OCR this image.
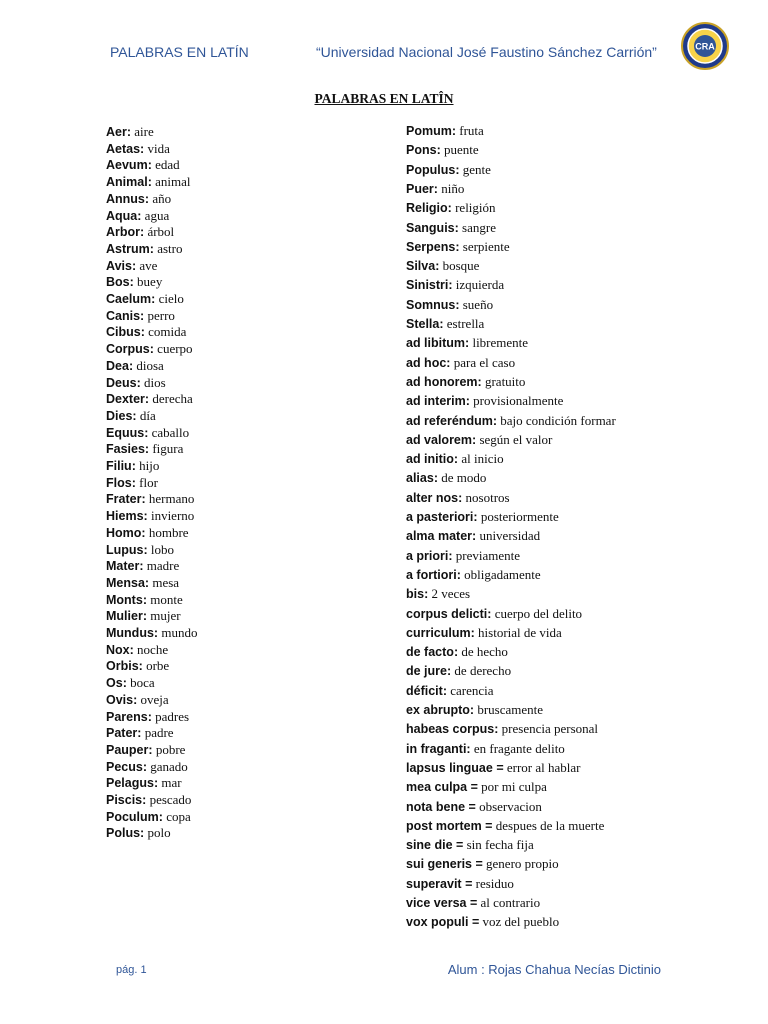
PALABRAS EN LATÍN	“Universidad Nacional José Faustino Sánchez Carrión”	CRA
PALABRAS EN LATÎN
Aer: aire
Aetas: vida
Aevum: edad
Animal: animal
Annus: año
Aqua: agua
Arbor: árbol
Astrum: astro
Avis: ave
Bos: buey
Caelum: cielo
Canis: perro
Cibus: comida
Corpus: cuerpo
Dea: diosa
Deus: dios
Dexter: derecha
Dies: día
Equus: caballo
Fasies: figura
Filiu: hijo
Flos: flor
Frater: hermano
Hiems: invierno
Homo: hombre
Lupus: lobo
Mater: madre
Mensa: mesa
Monts: monte
Mulier: mujer
Mundus: mundo
Nox: noche
Orbis: orbe
Os: boca
Ovis: oveja
Parens: padres
Pater: padre
Pauper: pobre
Pecus: ganado
Pelagus: mar
Piscis: pescado
Poculum: copa
Polus: polo
Pomum: fruta
Pons: puente
Populus: gente
Puer: niño
Religio: religión
Sanguis: sangre
Serpens: serpiente
Silva: bosque
Sinistri: izquierda
Somnus: sueño
Stella: estrella
ad libitum: libremente
ad hoc: para el caso
ad honorem: gratuito
ad interim: provisionalmente
ad referéndum: bajo condición formar
ad valorem: según el valor
ad initio: al inicio
alias: de modo
alter nos: nosotros
a pasteriori: posteriormente
alma mater: universidad
a priori: previamente
a fortiori: obligadamente
bis: 2 veces
corpus delicti: cuerpo del delito
curriculum: historial de vida
de facto: de hecho
de jure: de derecho
déficit: carencia
ex abrupto: bruscamente
habeas corpus: presencia personal
in fraganti: en fragante delito
lapsus linguae = error al hablar
mea culpa = por mi culpa
nota bene = observacion
post mortem = despues de la muerte
sine die = sin fecha fija
sui generis = genero propio
superavit = residuo
vice versa = al contrario
vox populi = voz del pueblo
pág. 1	Alum : Rojas Chahua Necías Dictinio
